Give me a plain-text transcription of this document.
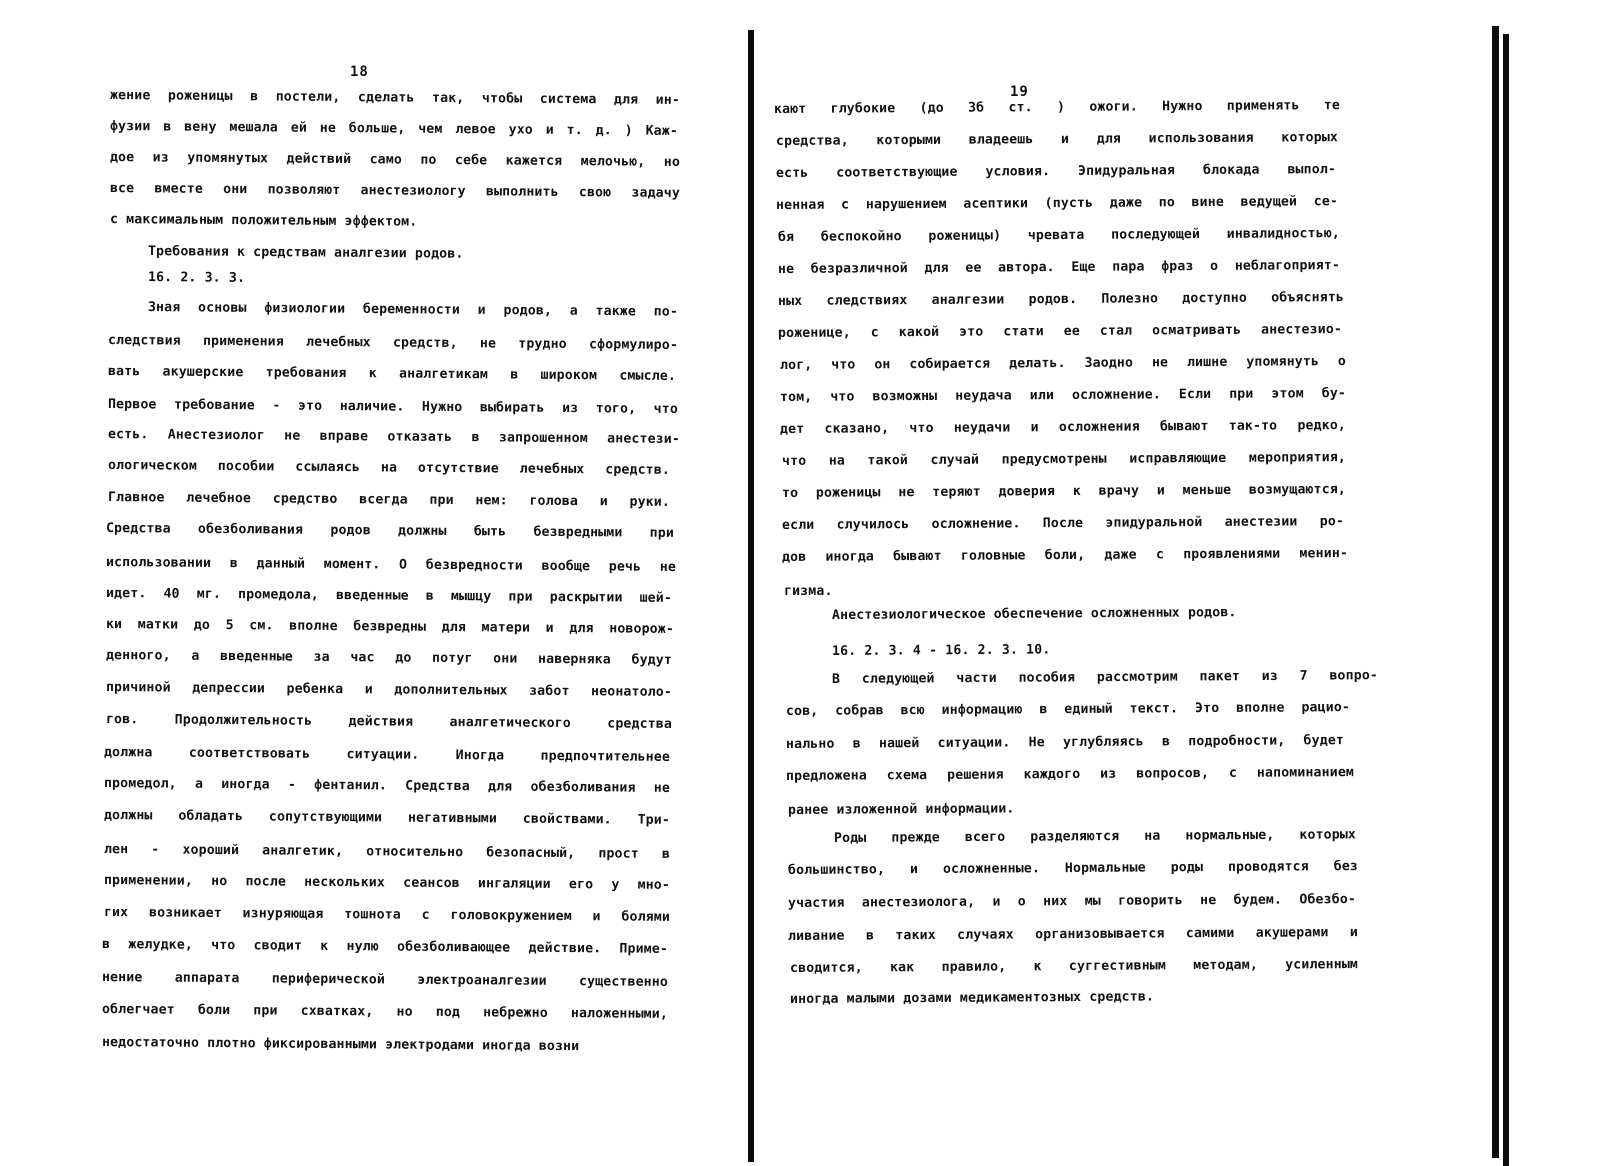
18
жение роженицы в постели, сделать так, чтобы система для ин-
фузии в вену мешала ей не больше, чем левое ухо и т. д. ) Каж-
дое из упомянутых действий само по себе кажется мелочью, но
все вместе они позволяют анестезиологу выполнить свою задачу
с максимальным положительным эффектом.
Требования к средствам аналгезии родов.
16. 2. 3. 3.
Зная основы физиологии беременности и родов, а также по-
следствия применения лечебных средств, не трудно сформулиро-
вать акушерские требования к аналгетикам в широком смысле.
Первое требование - это наличие. Нужно выбирать из того, что
есть. Анестезиолог не вправе отказать в запрошенном анестези-
ологическом пособии ссылаясь на отсутствие лечебных средств.
Главное лечебное средство всегда при нем: голова и руки.
Средства обезболивания родов должны быть безвредными при
использовании в данный момент. О безвредности вообще речь не
идет. 40 мг. промедола, введенные в мышцу при раскрытии шей-
ки матки до 5 см. вполне безвредны для матери и для новорож-
денного, а введенные за час до потуг они наверняка будут
причиной депрессии ребенка и дополнительных забот неонатоло-
гов. Продолжительность действия аналгетического средства
должна соответствовать ситуации. Иногда предпочтительнее
промедол, а иногда - фентанил. Средства для обезболивания не
должны обладать сопутствующими негативными свойствами. Три-
лен - хороший аналгетик, относительно безопасный, прост в
применении, но после нескольких сеансов ингаляции его у мно-
гих возникает изнуряющая тошнота с головокружением и болями
в желудке, что сводит к нулю обезболивающее действие. Приме-
нение аппарата периферической электроаналгезии существенно
облегчает боли при схватках, но под небрежно наложенными,
недостаточно плотно фиксированными электродами иногда возни
19
кают глубокие (до 3б ст. ) ожоги. Нужно применять те
средства, которыми владеешь и для использования которых
есть соответствующие условия. Эпидуральная блокада выпол-
ненная с нарушением асептики (пусть даже по вине ведущей се-
бя беспокойно роженицы) чревата последующей инвалидностью,
не безразличной для ее автора. Еще пара фраз о неблагоприят-
ных следствиях аналгезии родов. Полезно доступно объяснять
роженице, с какой это стати ее стал осматривать анестезио-
лог, что он собирается делать. Заодно не лишне упомянуть о
том, что возможны неудача или осложнение. Если при этом бу-
дет сказано, что неудачи и осложнения бывают так-то редко,
что на такой случай предусмотрены исправляющие мероприятия,
то роженицы не теряют доверия к врачу и меньше возмущаются,
если случилось осложнение. После эпидуральной анестезии ро-
дов иногда бывают головные боли, даже с проявлениями менин-
гизма.
Анестезиологическое обеспечение осложненных родов.
16. 2. 3. 4 - 16. 2. 3. 10.
В следующей части пособия рассмотрим пакет из 7 вопро-
сов, собрав всю информацию в единый текст. Это вполне рацио-
нально в нашей ситуации. Не углубляясь в подробности, будет
предложена схема решения каждого из вопросов, с напоминанием
ранее изложенной информации.
Роды прежде всего разделяются на нормальные, которых
большинство, и осложненные. Нормальные роды проводятся без
участия анестезиолога, и о них мы говорить не будем. Обезбо-
ливание в таких случаях организовывается самими акушерами и
сводится, как правило, к суггестивным методам, усиленным
иногда малыми дозами медикаментозных средств.
